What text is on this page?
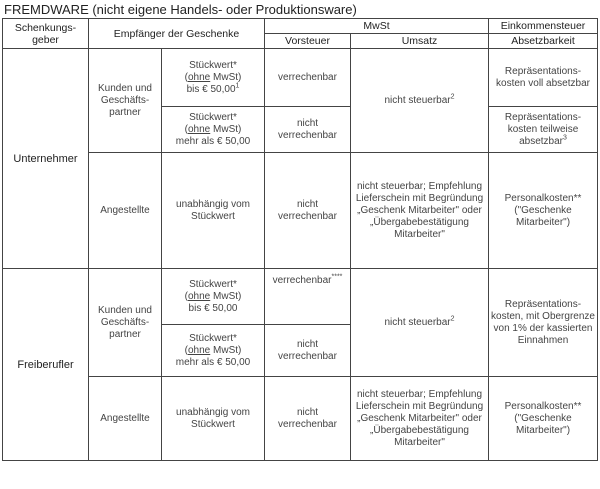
FREMDWARE (nicht eigene Handels- oder Produktionsware)
Schenkungs-
geber	Empfänger der Geschenke		MwSt		Einkommensteuer
			Vorsteuer	Umsatz	Absetzbarkeit
Unternehmer	Kunden und Geschäfts-partner	Stückwert*
(ohne MwSt)
bis € 50,00$^1$	verrechenbar	nicht steuerbar$^2$	Repräsentations-kosten voll absetzbar

		Stückwert*
(ohne MwSt)
mehr als € 50,00	nicht verrechenbar		Repräsentations-kosten teilweise absetzbar$^3$
	Angestellte	unabhängig vom Stückwert	nicht verrechenbar	nicht steuerbar; Empfehlung Lieferschein mit Begründung „Geschenk Mitarbeiter" oder „Übergabebestätigung Mitarbeiter"	Personalkosten** ("Geschenke Mitarbeiter")
Freiberufler	Kunden und Geschäfts-partner	Stückwert*
(ohne MwSt)
bis € 50,00	verrechenbar****	nicht steuerbar$^2$	Repräsentations-kosten, mit Obergrenze von 1% der kassierten Einnahmen

		Stückwert*
(ohne MwSt)
mehr als € 50,00	nicht verrechenbar		
	Angestellte	unabhängig vom Stückwert	nicht verrechenbar	nicht steuerbar; Empfehlung Lieferschein mit Begründung „Geschenk Mitarbeiter" oder „Übergabebestätigung Mitarbeiter"	Personalkosten** ("Geschenke Mitarbeiter")
